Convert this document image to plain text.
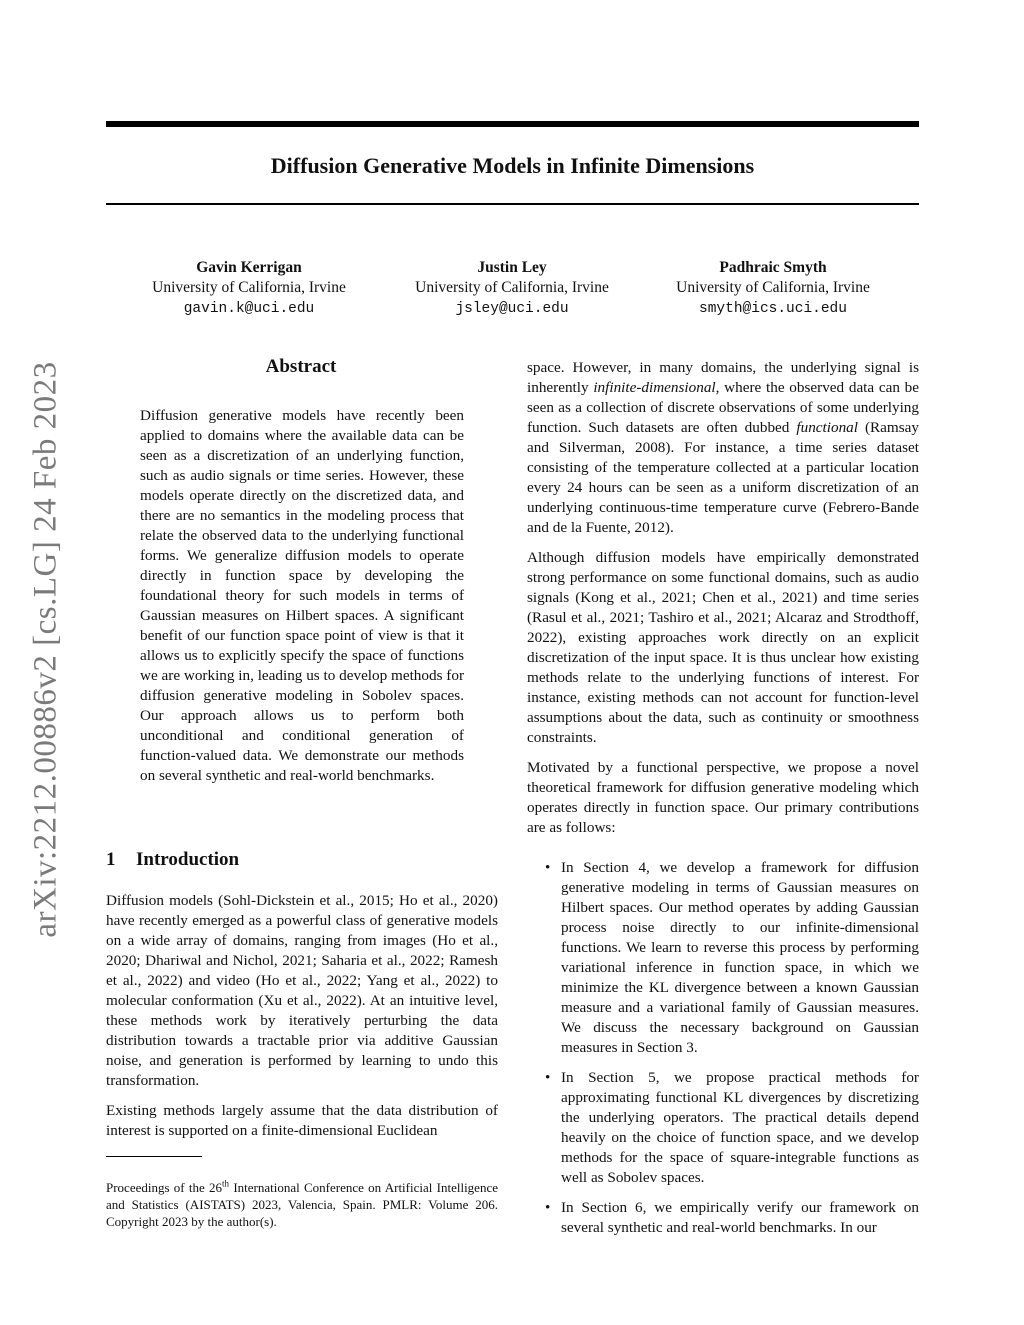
arXiv:2212.00886v2 [cs.LG] 24 Feb 2023
Diffusion Generative Models in Infinite Dimensions
Gavin Kerrigan
University of California, Irvine
gavin.k@uci.edu
Justin Ley
University of California, Irvine
jsley@uci.edu
Padhraic Smyth
University of California, Irvine
smyth@ics.uci.edu
Abstract

Diffusion generative models have recently been applied to domains where the available data can be seen as a discretization of an underlying function, such as audio signals or time series. However, these models operate directly on the discretized data, and there are no semantics in the modeling process that relate the observed data to the underlying functional forms. We generalize diffusion models to operate directly in function space by developing the foundational theory for such models in terms of Gaussian measures on Hilbert spaces. A significant benefit of our function space point of view is that it allows us to explicitly specify the space of functions we are working in, leading us to develop methods for diffusion generative modeling in Sobolev spaces. Our approach allows us to perform both unconditional and conditional generation of function-valued data. We demonstrate our methods on several synthetic and real-world benchmarks.

1 Introduction

Diffusion models (Sohl-Dickstein et al., 2015; Ho et al., 2020) have recently emerged as a powerful class of generative models on a wide array of domains, ranging from images (Ho et al., 2020; Dhariwal and Nichol, 2021; Saharia et al., 2022; Ramesh et al., 2022) and video (Ho et al., 2022; Yang et al., 2022) to molecular conformation (Xu et al., 2022). At an intuitive level, these methods work by iteratively perturbing the data distribution towards a tractable prior via additive Gaussian noise, and generation is performed by learning to undo this transformation.

Existing methods largely assume that the data distribution of interest is supported on a finite-dimensional Euclidean

Proceedings of the 26th International Conference on Artificial Intelligence and Statistics (AISTATS) 2023, Valencia, Spain. PMLR: Volume 206. Copyright 2023 by the author(s).

space. However, in many domains, the underlying signal is inherently infinite-dimensional, where the observed data can be seen as a collection of discrete observations of some underlying function. Such datasets are often dubbed functional (Ramsay and Silverman, 2008). For instance, a time series dataset consisting of the temperature collected at a particular location every 24 hours can be seen as a uniform discretization of an underlying continuous-time temperature curve (Febrero-Bande and de la Fuente, 2012).

Although diffusion models have empirically demonstrated strong performance on some functional domains, such as audio signals (Kong et al., 2021; Chen et al., 2021) and time series (Rasul et al., 2021; Tashiro et al., 2021; Alcaraz and Strodthoff, 2022), existing approaches work directly on an explicit discretization of the input space. It is thus unclear how existing methods relate to the underlying functions of interest. For instance, existing methods can not account for function-level assumptions about the data, such as continuity or smoothness constraints.

Motivated by a functional perspective, we propose a novel theoretical framework for diffusion generative modeling which operates directly in function space. Our primary contributions are as follows:

• In Section 4, we develop a framework for diffusion generative modeling in terms of Gaussian measures on Hilbert spaces. Our method operates by adding Gaussian process noise directly to our infinite-dimensional functions. We learn to reverse this process by performing variational inference in function space, in which we minimize the KL divergence between a known Gaussian measure and a variational family of Gaussian measures. We discuss the necessary background on Gaussian measures in Section 3.
• In Section 5, we propose practical methods for approximating functional KL divergences by discretizing the underlying operators. The practical details depend heavily on the choice of function space, and we develop methods for the space of square-integrable functions as well as Sobolev spaces.
• In Section 6, we empirically verify our framework on several synthetic and real-world benchmarks. In our
